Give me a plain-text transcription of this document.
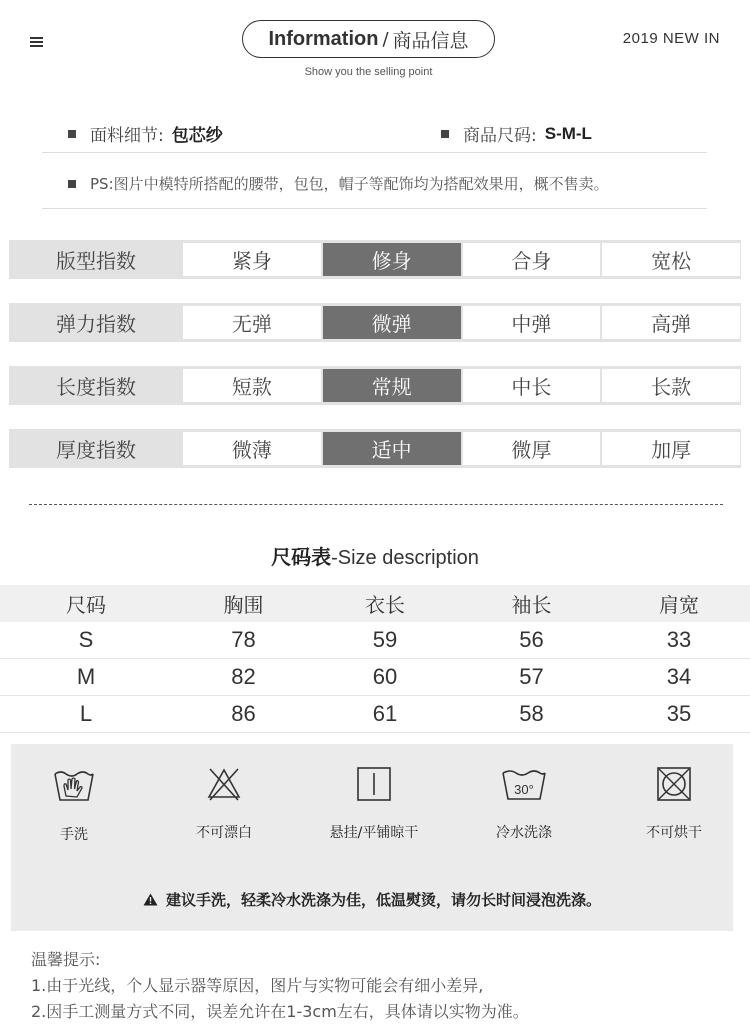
Information / 商品信息
Show you the selling point
2019 NEW IN
面料细节: 包芯纱	商品尺码: S-M-L
PS:图片中模特所搭配的腰带，包包，帽子等配饰均为搭配效果用，概不售卖。
版型指数	紧身	修身	合身	宽松
弹力指数	无弹	微弹	中弹	高弹
长度指数	短款	常规	中长	长款
厚度指数	微薄	适中	微厚	加厚
尺码表-Size description
尺码	胸围	衣长	袖长	肩宽
S	78	59	56	33
M	82	60	57	34
L	86	61	58	35
手洗	不可漂白	悬挂/平铺晾干
30°
冷水洗涤	不可烘干
建议手洗，轻柔冷水洗涤为佳，低温熨烫，请勿长时间浸泡洗涤。
温馨提示:
1.由于光线，个人显示器等原因，图片与实物可能会有细小差异,
2.因手工测量方式不同，误差允许在1-3cm左右，具体请以实物为准。
